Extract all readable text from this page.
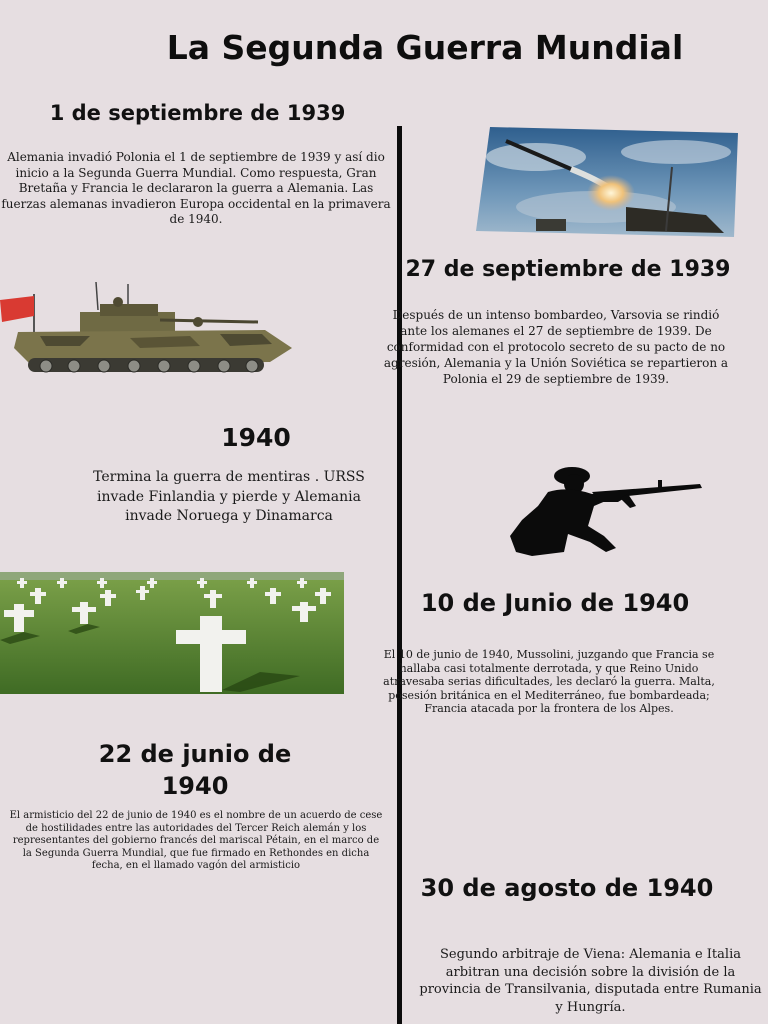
La Segunda Guerra Mundial
1 de septiembre de 1939
Alemania invadió Polonia el 1 de septiembre de 1939 y así dio inicio a la Segunda Guerra Mundial. Como respuesta, Gran Bretaña y Francia le declararon la guerra a Alemania. Las fuerzas alemanas invadieron Europa occidental en la primavera de 1940.
27 de septiembre de 1939
Después de un intenso bombardeo, Varsovia se rindió ante los alemanes el 27 de septiembre de 1939. De conformidad con el protocolo secreto de su pacto de no agresión, Alemania y la Unión Soviética se repartieron a Polonia el 29 de septiembre de 1939.
1940
Termina la guerra de mentiras . URSS invade Finlandia y pierde y Alemania invade Noruega y Dinamarca
10 de Junio de 1940
El 10 de junio de 1940, Mussolini, juzgando que Francia se hallaba casi totalmente derrotada, y que Reino Unido atravesaba serias dificultades, les declaró la guerra. Malta, posesión británica en el Mediterráneo, fue bombardeada; Francia atacada por la frontera de los Alpes.
22 de junio de 1940
El armisticio del 22 de junio de 1940 es el nombre de un acuerdo de cese de hostilidades entre las autoridades del Tercer Reich alemán y los representantes del gobierno francés del mariscal Pétain, en el marco de la Segunda Guerra Mundial, que fue firmado en Rethondes en dicha fecha, en el llamado vagón del armisticio
30 de agosto de 1940
Segundo arbitraje de Viena: Alemania e Italia arbitran una decisión sobre la división de la provincia de Transilvania, disputada entre Rumania y Hungría.
